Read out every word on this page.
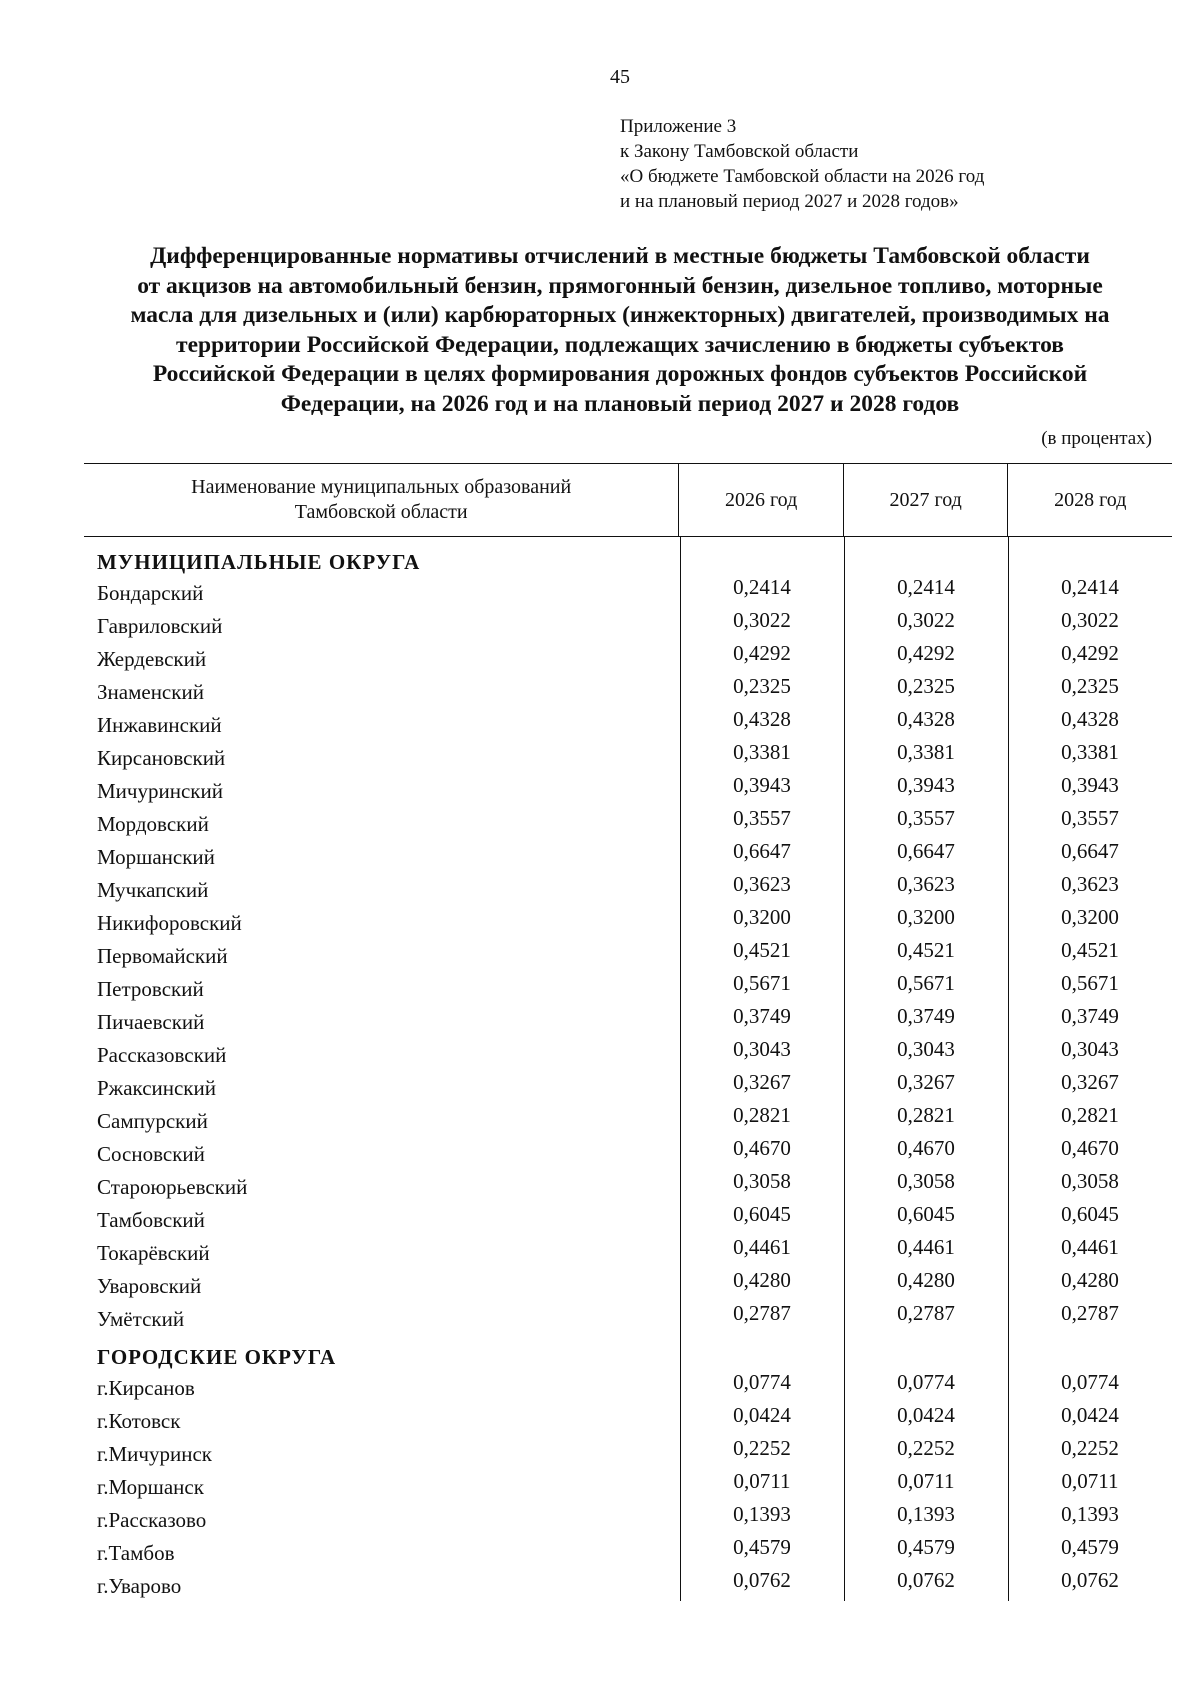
45
Приложение 3
к Закону Тамбовской области
«О бюджете Тамбовской области на 2026 год
и на плановый период 2027 и 2028 годов»
Дифференцированные нормативы отчислений в местные бюджеты Тамбовской области
от акцизов на автомобильный бензин, прямогонный бензин, дизельное топливо, моторные
масла для дизельных и (или) карбюраторных (инжекторных) двигателей, производимых на
территории Российской Федерации, подлежащих зачислению в бюджеты субъектов
Российской Федерации в целях формирования дорожных фондов субъектов Российской
Федерации, на 2026 год и на плановый период 2027 и 2028 годов
(в процентах)
Наименование муниципальных образований
Тамбовской области
2026 год	2027 год	2028 год
МУНИЦИПАЛЬНЫЕ ОКРУГА
Бондарский	0,2414	0,2414	0,2414
Гавриловский	0,3022	0,3022	0,3022
Жердевский	0,4292	0,4292	0,4292
Знаменский	0,2325	0,2325	0,2325
Инжавинский	0,4328	0,4328	0,4328
Кирсановский	0,3381	0,3381	0,3381
Мичуринский	0,3943	0,3943	0,3943
Мордовский	0,3557	0,3557	0,3557
Моршанский	0,6647	0,6647	0,6647
Мучкапский	0,3623	0,3623	0,3623
Никифоровский	0,3200	0,3200	0,3200
Первомайский	0,4521	0,4521	0,4521
Петровский	0,5671	0,5671	0,5671
Пичаевский	0,3749	0,3749	0,3749
Рассказовский	0,3043	0,3043	0,3043
Ржаксинский	0,3267	0,3267	0,3267
Сампурский	0,2821	0,2821	0,2821
Сосновский	0,4670	0,4670	0,4670
Староюрьевский	0,3058	0,3058	0,3058
Тамбовский	0,6045	0,6045	0,6045
Токарёвский	0,4461	0,4461	0,4461
Уваровский	0,4280	0,4280	0,4280
Умётский	0,2787	0,2787	0,2787
ГОРОДСКИЕ ОКРУГА
г.Кирсанов	0,0774	0,0774	0,0774
г.Котовск	0,0424	0,0424	0,0424
г.Мичуринск	0,2252	0,2252	0,2252
г.Моршанск	0,0711	0,0711	0,0711
г.Рассказово	0,1393	0,1393	0,1393
г.Тамбов	0,4579	0,4579	0,4579
г.Уварово	0,0762	0,0762	0,0762
